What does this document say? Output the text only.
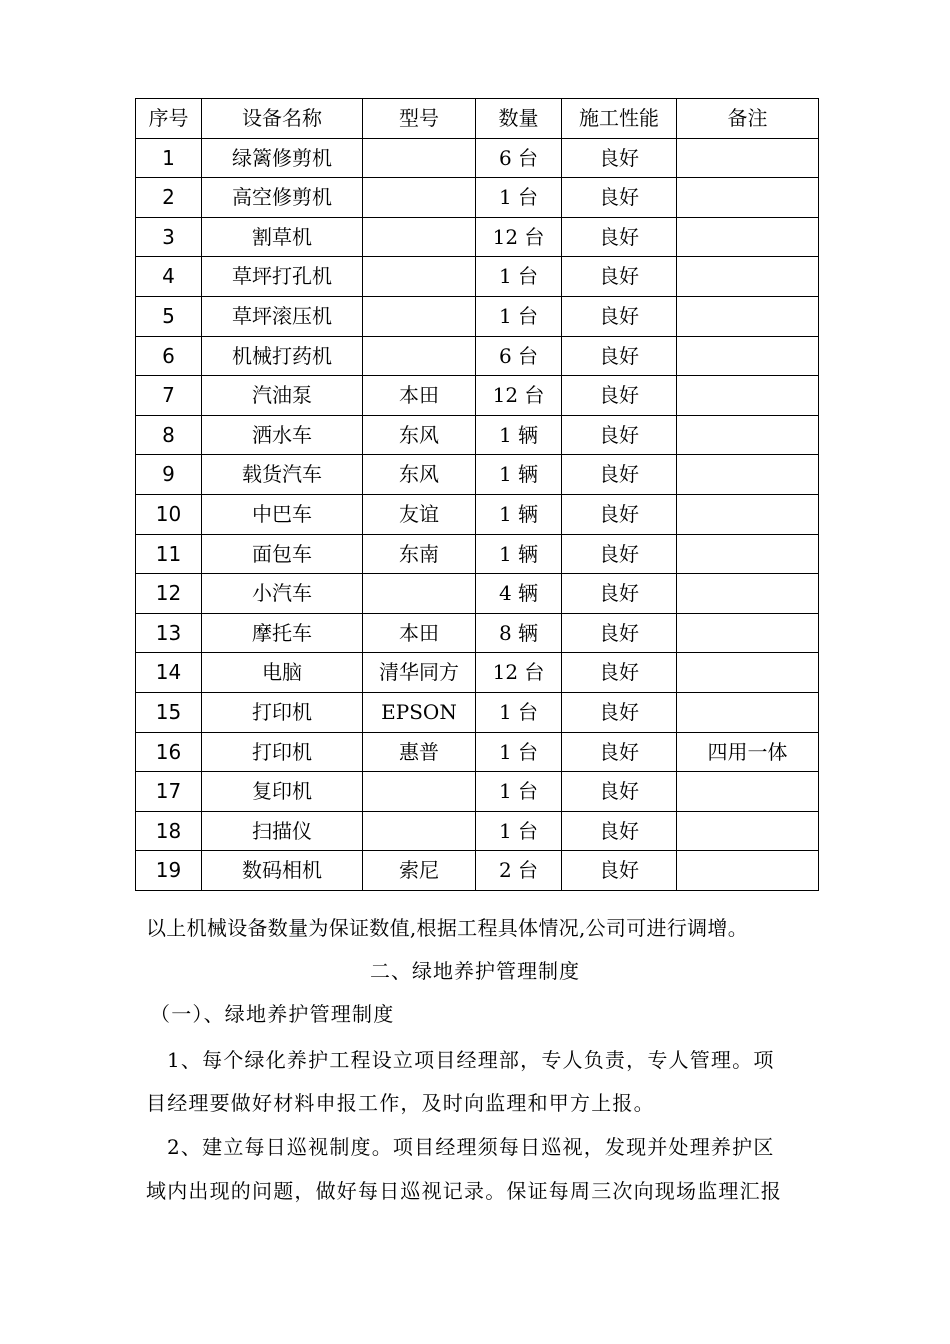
序号	设备名称	型号	数量	施工性能	备注
1	绿篱修剪机		6 台	良好	
2	高空修剪机		1 台	良好	
3	割草机		12 台	良好	
4	草坪打孔机		1 台	良好	
5	草坪滚压机		1 台	良好	
6	机械打药机		6 台	良好	
7	汽油泵	本田	12 台	良好	
8	洒水车	东风	1 辆	良好	
9	载货汽车	东风	1 辆	良好	
10	中巴车	友谊	1 辆	良好	
11	面包车	东南	1 辆	良好	
12	小汽车		4 辆	良好	
13	摩托车	本田	8 辆	良好	
14	电脑	清华同方	12 台	良好	
15	打印机	EPSON	1 台	良好	
16	打印机	惠普	1 台	良好	四用一体
17	复印机		1 台	良好	
18	扫描仪		1 台	良好	
19	数码相机	索尼	2 台	良好	
以上机械设备数量为保证数值,根据工程具体情况,公司可进行调增。
二、绿地养护管理制度
（一）、绿地养护管理制度
1、每个绿化养护工程设立项目经理部，专人负责，专人管理。项
目经理要做好材料申报工作，及时向监理和甲方上报。
2、建立每日巡视制度。项目经理须每日巡视，发现并处理养护区
域内出现的问题，做好每日巡视记录。保证每周三次向现场监理汇报
